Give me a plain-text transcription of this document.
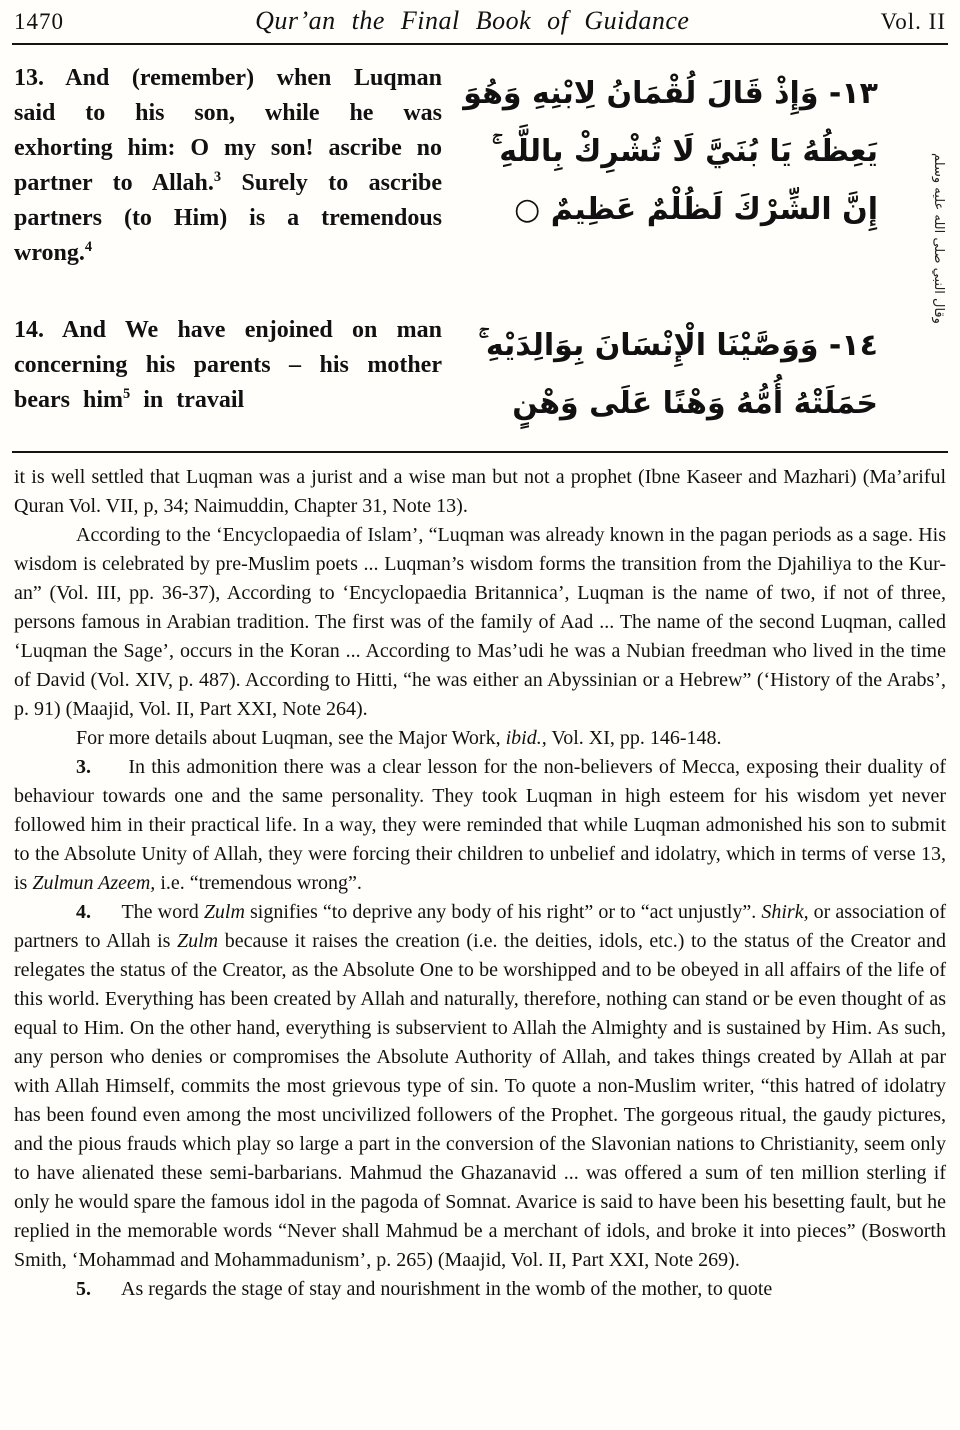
1470	Qur’an the Final Book of Guidance	Vol. II

13. And (remember) when Luqman said to his son, while he was exhorting him: O my son! ascribe no partner to Allah.$^3$ Surely to ascribe partners (to Him) is a tremendous wrong.$^4$

١٣- وَإِذْ قَالَ لُقْمَانُ لِابْنِهِ وَهُوَ
يَعِظُهُ يَا بُنَيَّ لَا تُشْرِكْ بِاللَّهِ ۚ
إِنَّ الشِّرْكَ لَظُلْمٌ عَظِيمٌ ○

14. And We have enjoined on man concerning his parents – his mother bears him$^5$ in travail

١٤- وَوَصَّيْنَا الْإِنْسَانَ بِوَالِدَيْهِ ۚ
حَمَلَتْهُ أُمُّهُ وَهْنًا عَلَى وَهْنٍ
وقال النبي صلى الله عليه وسلم

it is well settled that Luqman was a jurist and a wise man but not a prophet (Ibne Kaseer and Mazhari) (Ma’ariful Quran Vol. VII, p, 34; Naimuddin, Chapter 31, Note 13).

According to the ‘Encyclopaedia of Islam’, “Luqman was already known in the pagan periods as a sage. His wisdom is celebrated by pre-Muslim poets ... Luqman’s wisdom forms the transition from the Djahiliya to the Kur-an” (Vol. III, pp. 36-37), According to ‘Encyclopaedia Britannica’, Luqman is the name of two, if not of three, persons famous in Arabian tradition. The first was of the family of Aad ... The name of the second Luqman, called ‘Luqman the Sage’, occurs in the Koran ... According to Mas’udi he was a Nubian freedman who lived in the time of David (Vol. XIV, p. 487). According to Hitti, “he was either an Abyssinian or a Hebrew” (‘History of the Arabs’, p. 91) (Maajid, Vol. II, Part XXI, Note 264).

For more details about Luqman, see the Major Work, ibid., Vol. XI, pp. 146-148.

3.      In this admonition there was a clear lesson for the non-believers of Mecca, exposing their duality of behaviour towards one and the same personality. They took Luqman in high esteem for his wisdom yet never followed him in their practical life. In a way, they were reminded that while Luqman admonished his son to submit to the Absolute Unity of Allah, they were forcing their children to unbelief and idolatry, which in terms of verse 13, is Zulmun Azeem, i.e. “tremendous wrong”.

4.      The word Zulm signifies “to deprive any body of his right” or to “act unjustly”. Shirk, or association of partners to Allah is Zulm because it raises the creation (i.e. the deities, idols, etc.) to the status of the Creator and relegates the status of the Creator, as the Absolute One to be worshipped and to be obeyed in all affairs of the life of this world. Everything has been created by Allah and naturally, therefore, nothing can stand or be even thought of as equal to Him. On the other hand, everything is subservient to Allah the Almighty and is sustained by Him. As such, any person who denies or compromises the Absolute Authority of Allah, and takes things created by Allah at par with Allah Himself, commits the most grievous type of sin. To quote a non-Muslim writer, “this hatred of idolatry has been found even among the most uncivilized followers of the Prophet. The gorgeous ritual, the gaudy pictures, and the pious frauds which play so large a part in the conversion of the Slavonian nations to Christianity, seem only to have alienated these semi-barbarians. Mahmud the Ghazanavid ... was offered a sum of ten million sterling if only he would spare the famous idol in the pagoda of Somnat. Avarice is said to have been his besetting fault, but he replied in the memorable words “Never shall Mahmud be a merchant of idols, and broke it into pieces” (Bosworth Smith, ‘Mohammad and Mohammadunism’, p. 265) (Maajid, Vol. II, Part XXI, Note 269).

5.      As regards the stage of stay and nourishment in the womb of the mother, to quote
